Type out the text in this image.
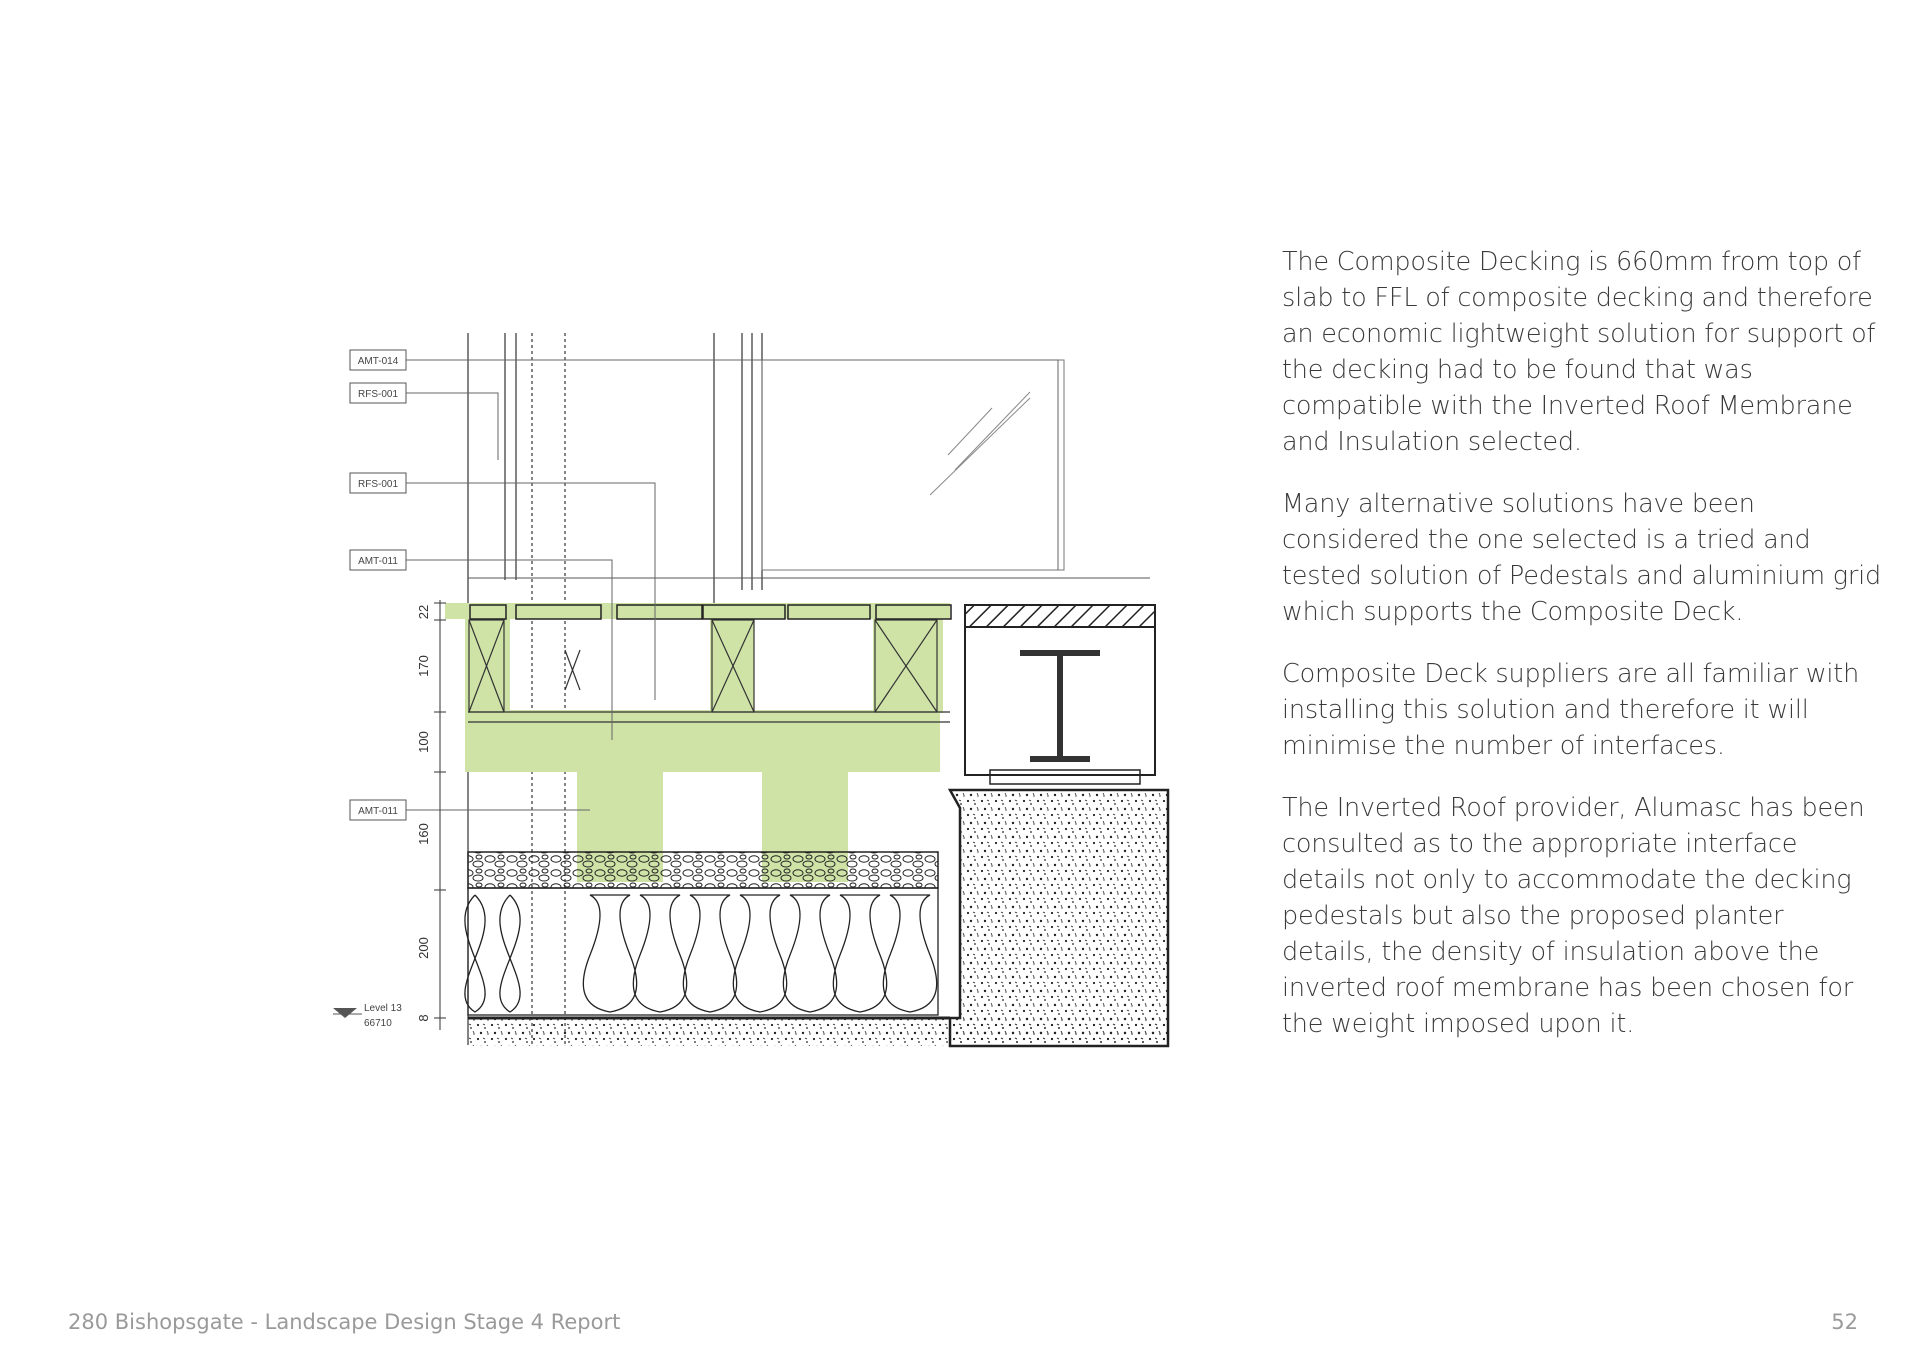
AMT-014
RFS-001
RFS-001
AMT-011
AMT-011
22
170
100
160
200
8
Level 13
66710

The Composite Decking is 660mm from top of slab to FFL of composite decking and therefore an economic lightweight solution for support of the decking had to be found that was compatible with the Inverted Roof Membrane and Insulation selected.

Many alternative solutions have been considered the one selected is a tried and tested solution of Pedestals and aluminium grid which supports the Composite Deck.

Composite Deck suppliers are all familiar with installing this solution and therefore it will minimise the number of interfaces.

The Inverted Roof provider, Alumasc has been consulted as to the appropriate interface details not only to accommodate the decking pedestals but also the proposed planter details, the density of insulation above the inverted roof membrane has been chosen for the weight imposed upon it.

280 Bishopsgate - Landscape Design Stage 4 Report	52
